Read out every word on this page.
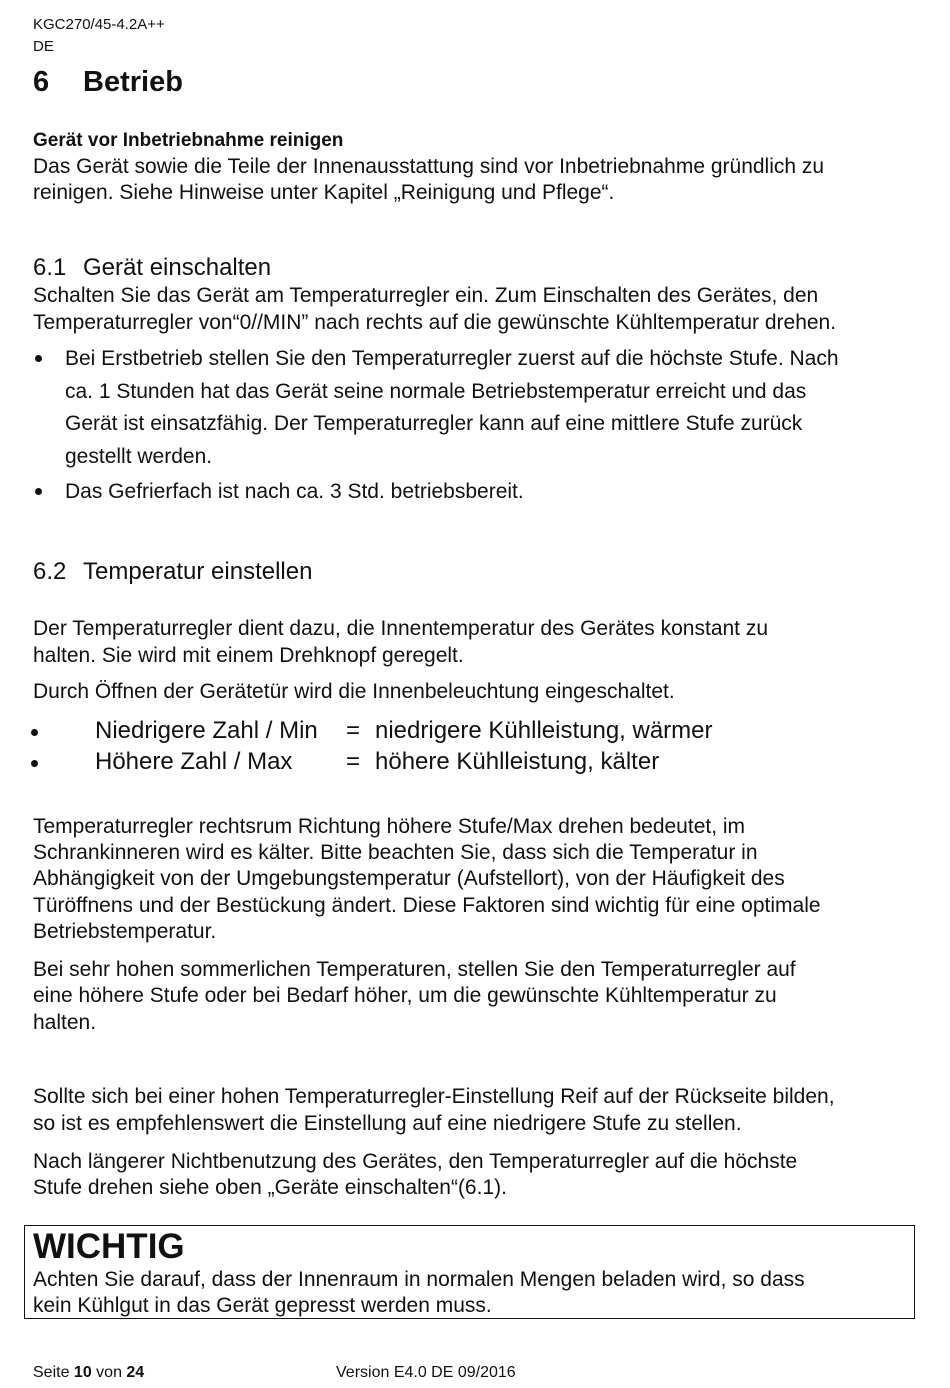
KGC270/45-4.2A++
DE
6 Betrieb
Gerät vor Inbetriebnahme reinigen
Das Gerät sowie die Teile der Innenausstattung sind vor Inbetriebnahme gründlich zu
reinigen. Siehe Hinweise unter Kapitel „Reinigung und Pflege“.
6.1 Gerät einschalten
Schalten Sie das Gerät am Temperaturregler ein. Zum Einschalten des Gerätes, den
Temperaturregler von“0//MIN” nach rechts auf die gewünschte Kühltemperatur drehen.
Bei Erstbetrieb stellen Sie den Temperaturregler zuerst auf die höchste Stufe. Nach
ca. 1 Stunden hat das Gerät seine normale Betriebstemperatur erreicht und das
Gerät ist einsatzfähig. Der Temperaturregler kann auf eine mittlere Stufe zurück
gestellt werden.
Das Gefrierfach ist nach ca. 3 Std. betriebsbereit.
6.2 Temperatur einstellen
Der Temperaturregler dient dazu, die Innentemperatur des Gerätes konstant zu
halten. Sie wird mit einem Drehknopf geregelt.
Durch Öffnen der Gerätetür wird die Innenbeleuchtung eingeschaltet.
Niedrigere Zahl / Min = niedrigere Kühlleistung, wärmer
Höhere Zahl / Max = höhere Kühlleistung, kälter
Temperaturregler rechtsrum Richtung höhere Stufe/Max drehen bedeutet, im
Schrankinneren wird es kälter. Bitte beachten Sie, dass sich die Temperatur in
Abhängigkeit von der Umgebungstemperatur (Aufstellort), von der Häufigkeit des
Türöffnens und der Bestückung ändert. Diese Faktoren sind wichtig für eine optimale
Betriebstemperatur.
Bei sehr hohen sommerlichen Temperaturen, stellen Sie den Temperaturregler auf
eine höhere Stufe oder bei Bedarf höher, um die gewünschte Kühltemperatur zu
halten.
Sollte sich bei einer hohen Temperaturregler-Einstellung Reif auf der Rückseite bilden,
so ist es empfehlenswert die Einstellung auf eine niedrigere Stufe zu stellen.
Nach längerer Nichtbenutzung des Gerätes, den Temperaturregler auf die höchste
Stufe drehen siehe oben „Geräte einschalten“(6.1).
WICHTIG
Achten Sie darauf, dass der Innenraum in normalen Mengen beladen wird, so dass
kein Kühlgut in das Gerät gepresst werden muss.
Seite 10 von 24	Version E4.0 DE 09/2016
